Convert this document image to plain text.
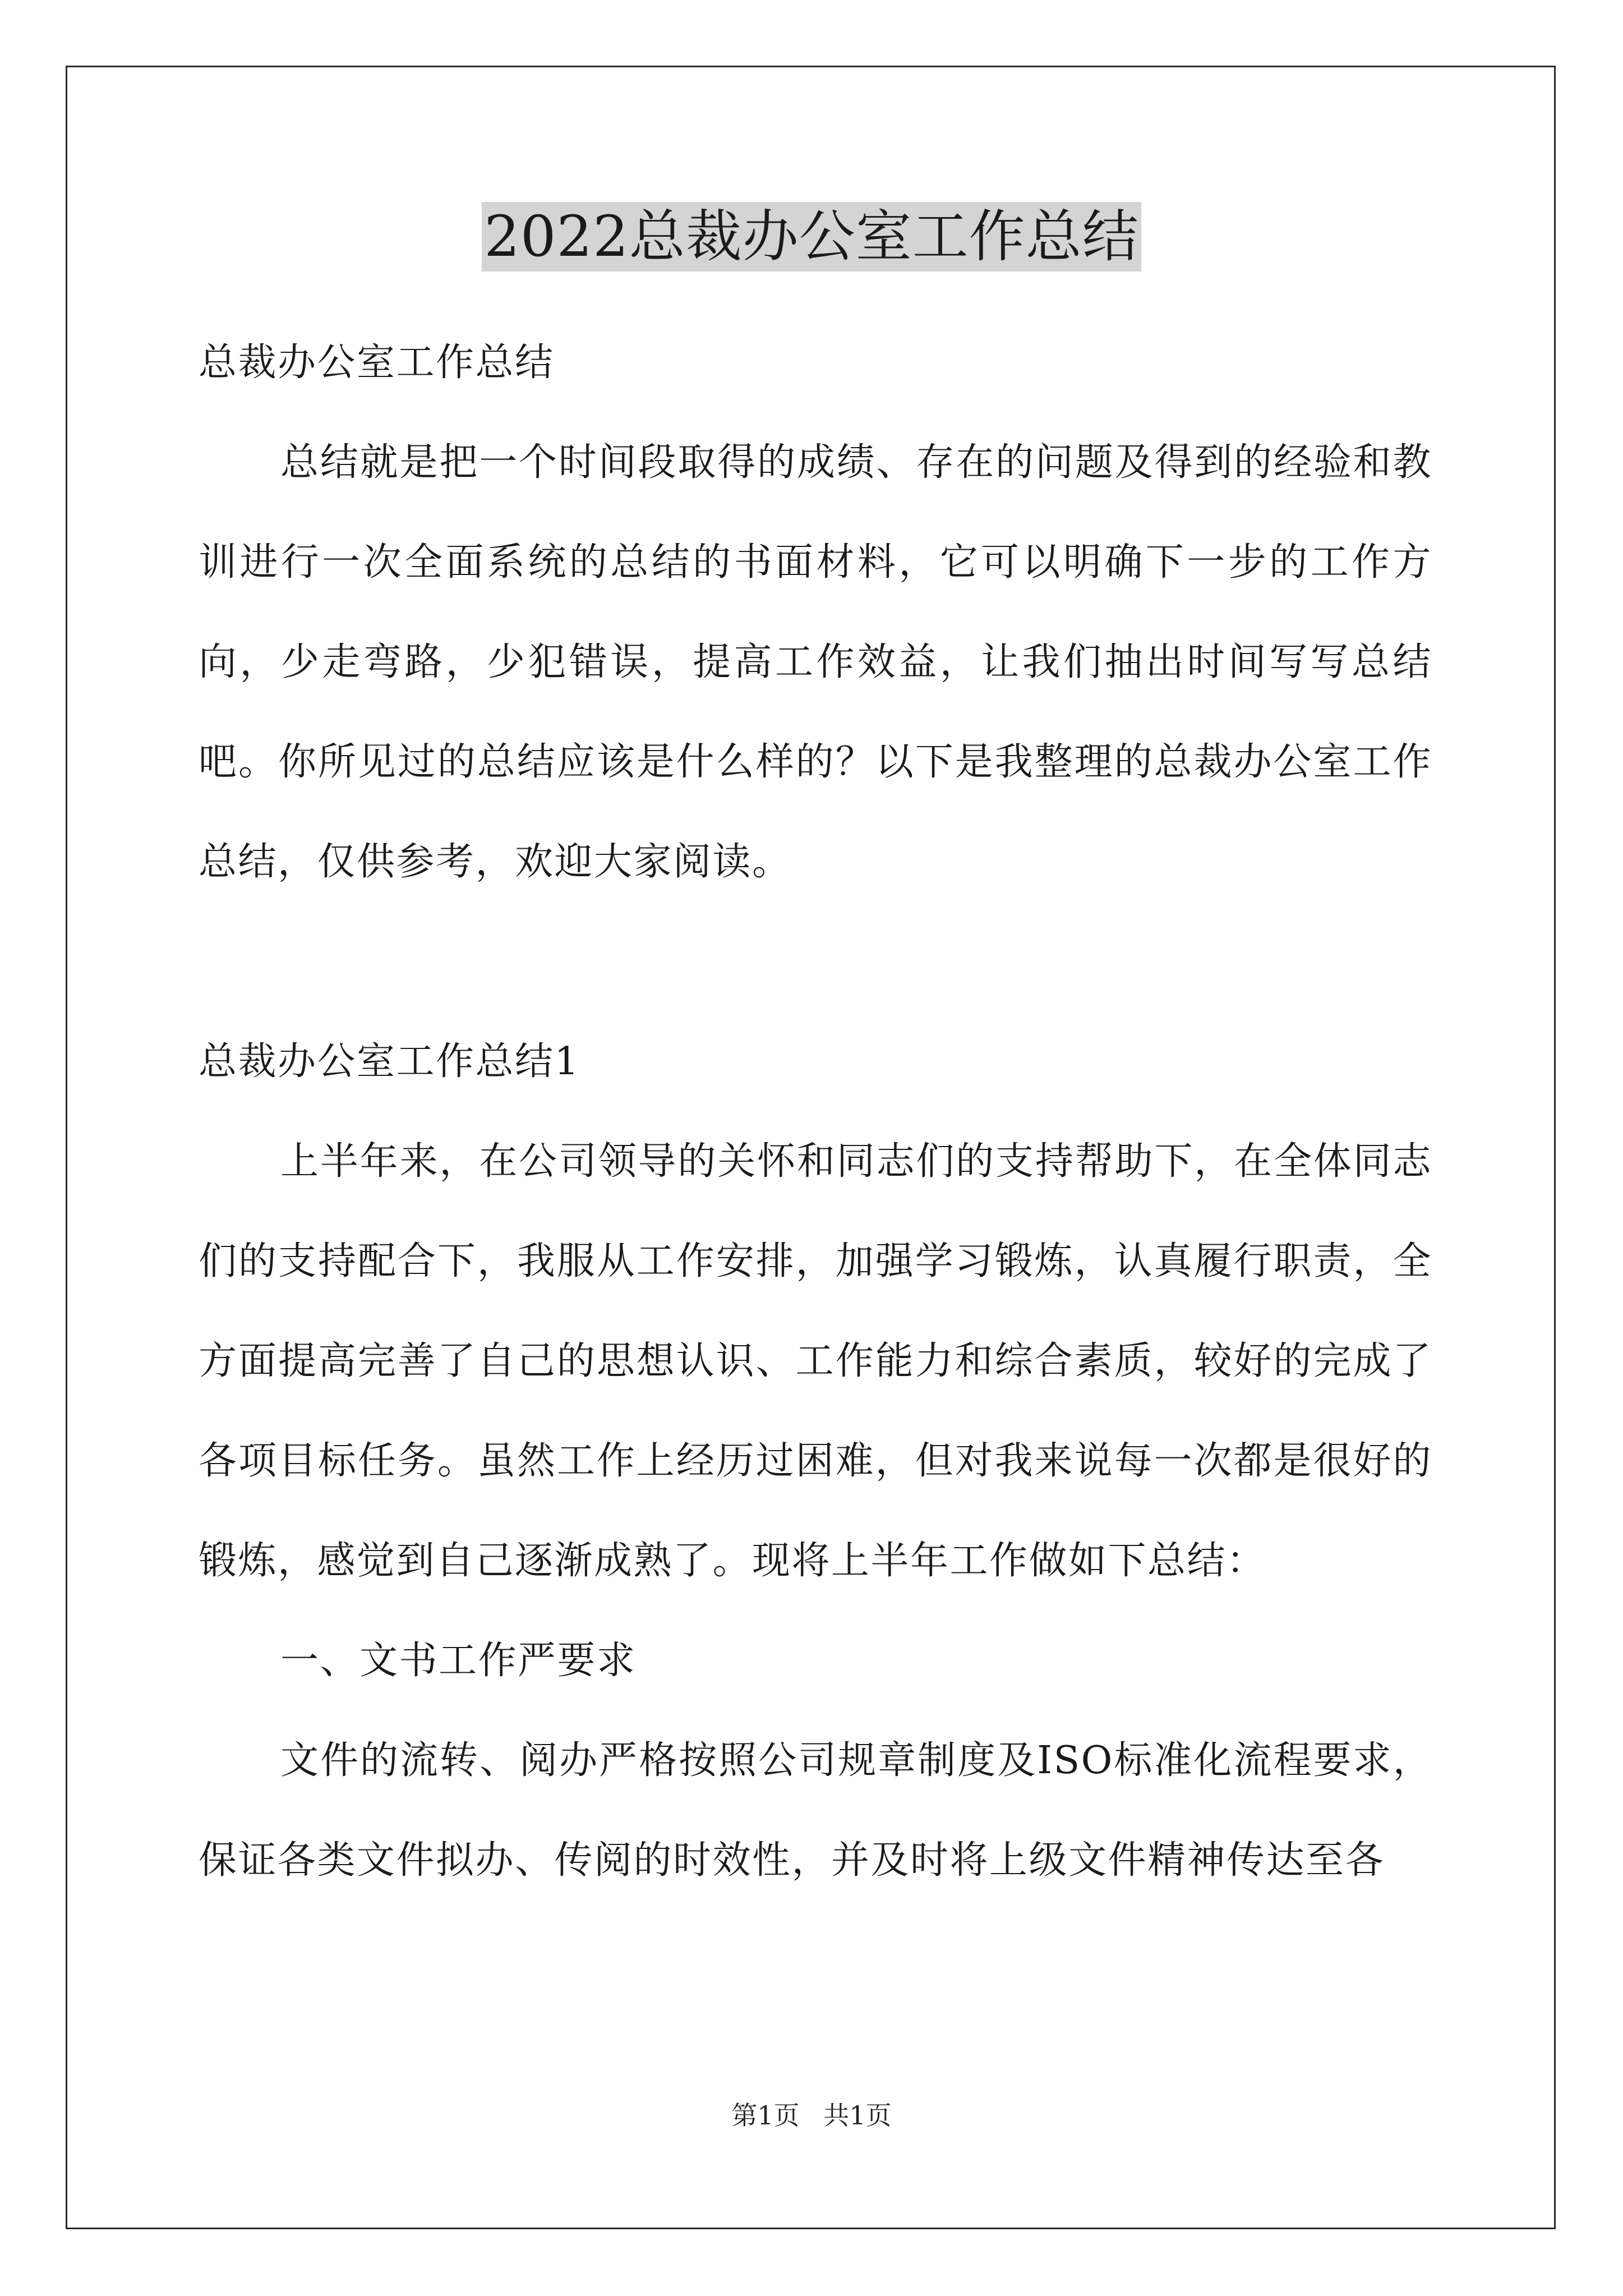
2022总裁办公室工作总结

总裁办公室工作总结

总结就是把一个时间段取得的成绩、存在的问题及得到的经验和教训进行一次全面系统的总结的书面材料，它可以明确下一步的工作方向，少走弯路，少犯错误，提高工作效益，让我们抽出时间写写总结吧。你所见过的总结应该是什么样的？以下是我整理的总裁办公室工作总结，仅供参考，欢迎大家阅读。

总裁办公室工作总结1

上半年来，在公司领导的关怀和同志们的支持帮助下，在全体同志们的支持配合下，我服从工作安排，加强学习锻炼，认真履行职责，全方面提高完善了自己的思想认识、工作能力和综合素质，较好的完成了各项目标任务。虽然工作上经历过困难，但对我来说每一次都是很好的锻炼，感觉到自己逐渐成熟了。现将上半年工作做如下总结：

一、文书工作严要求

文件的流转、阅办严格按照公司规章制度及ISO标准化流程要求，保证各类文件拟办、传阅的时效性，并及时将上级文件精神传达至各

第1页 共1页
